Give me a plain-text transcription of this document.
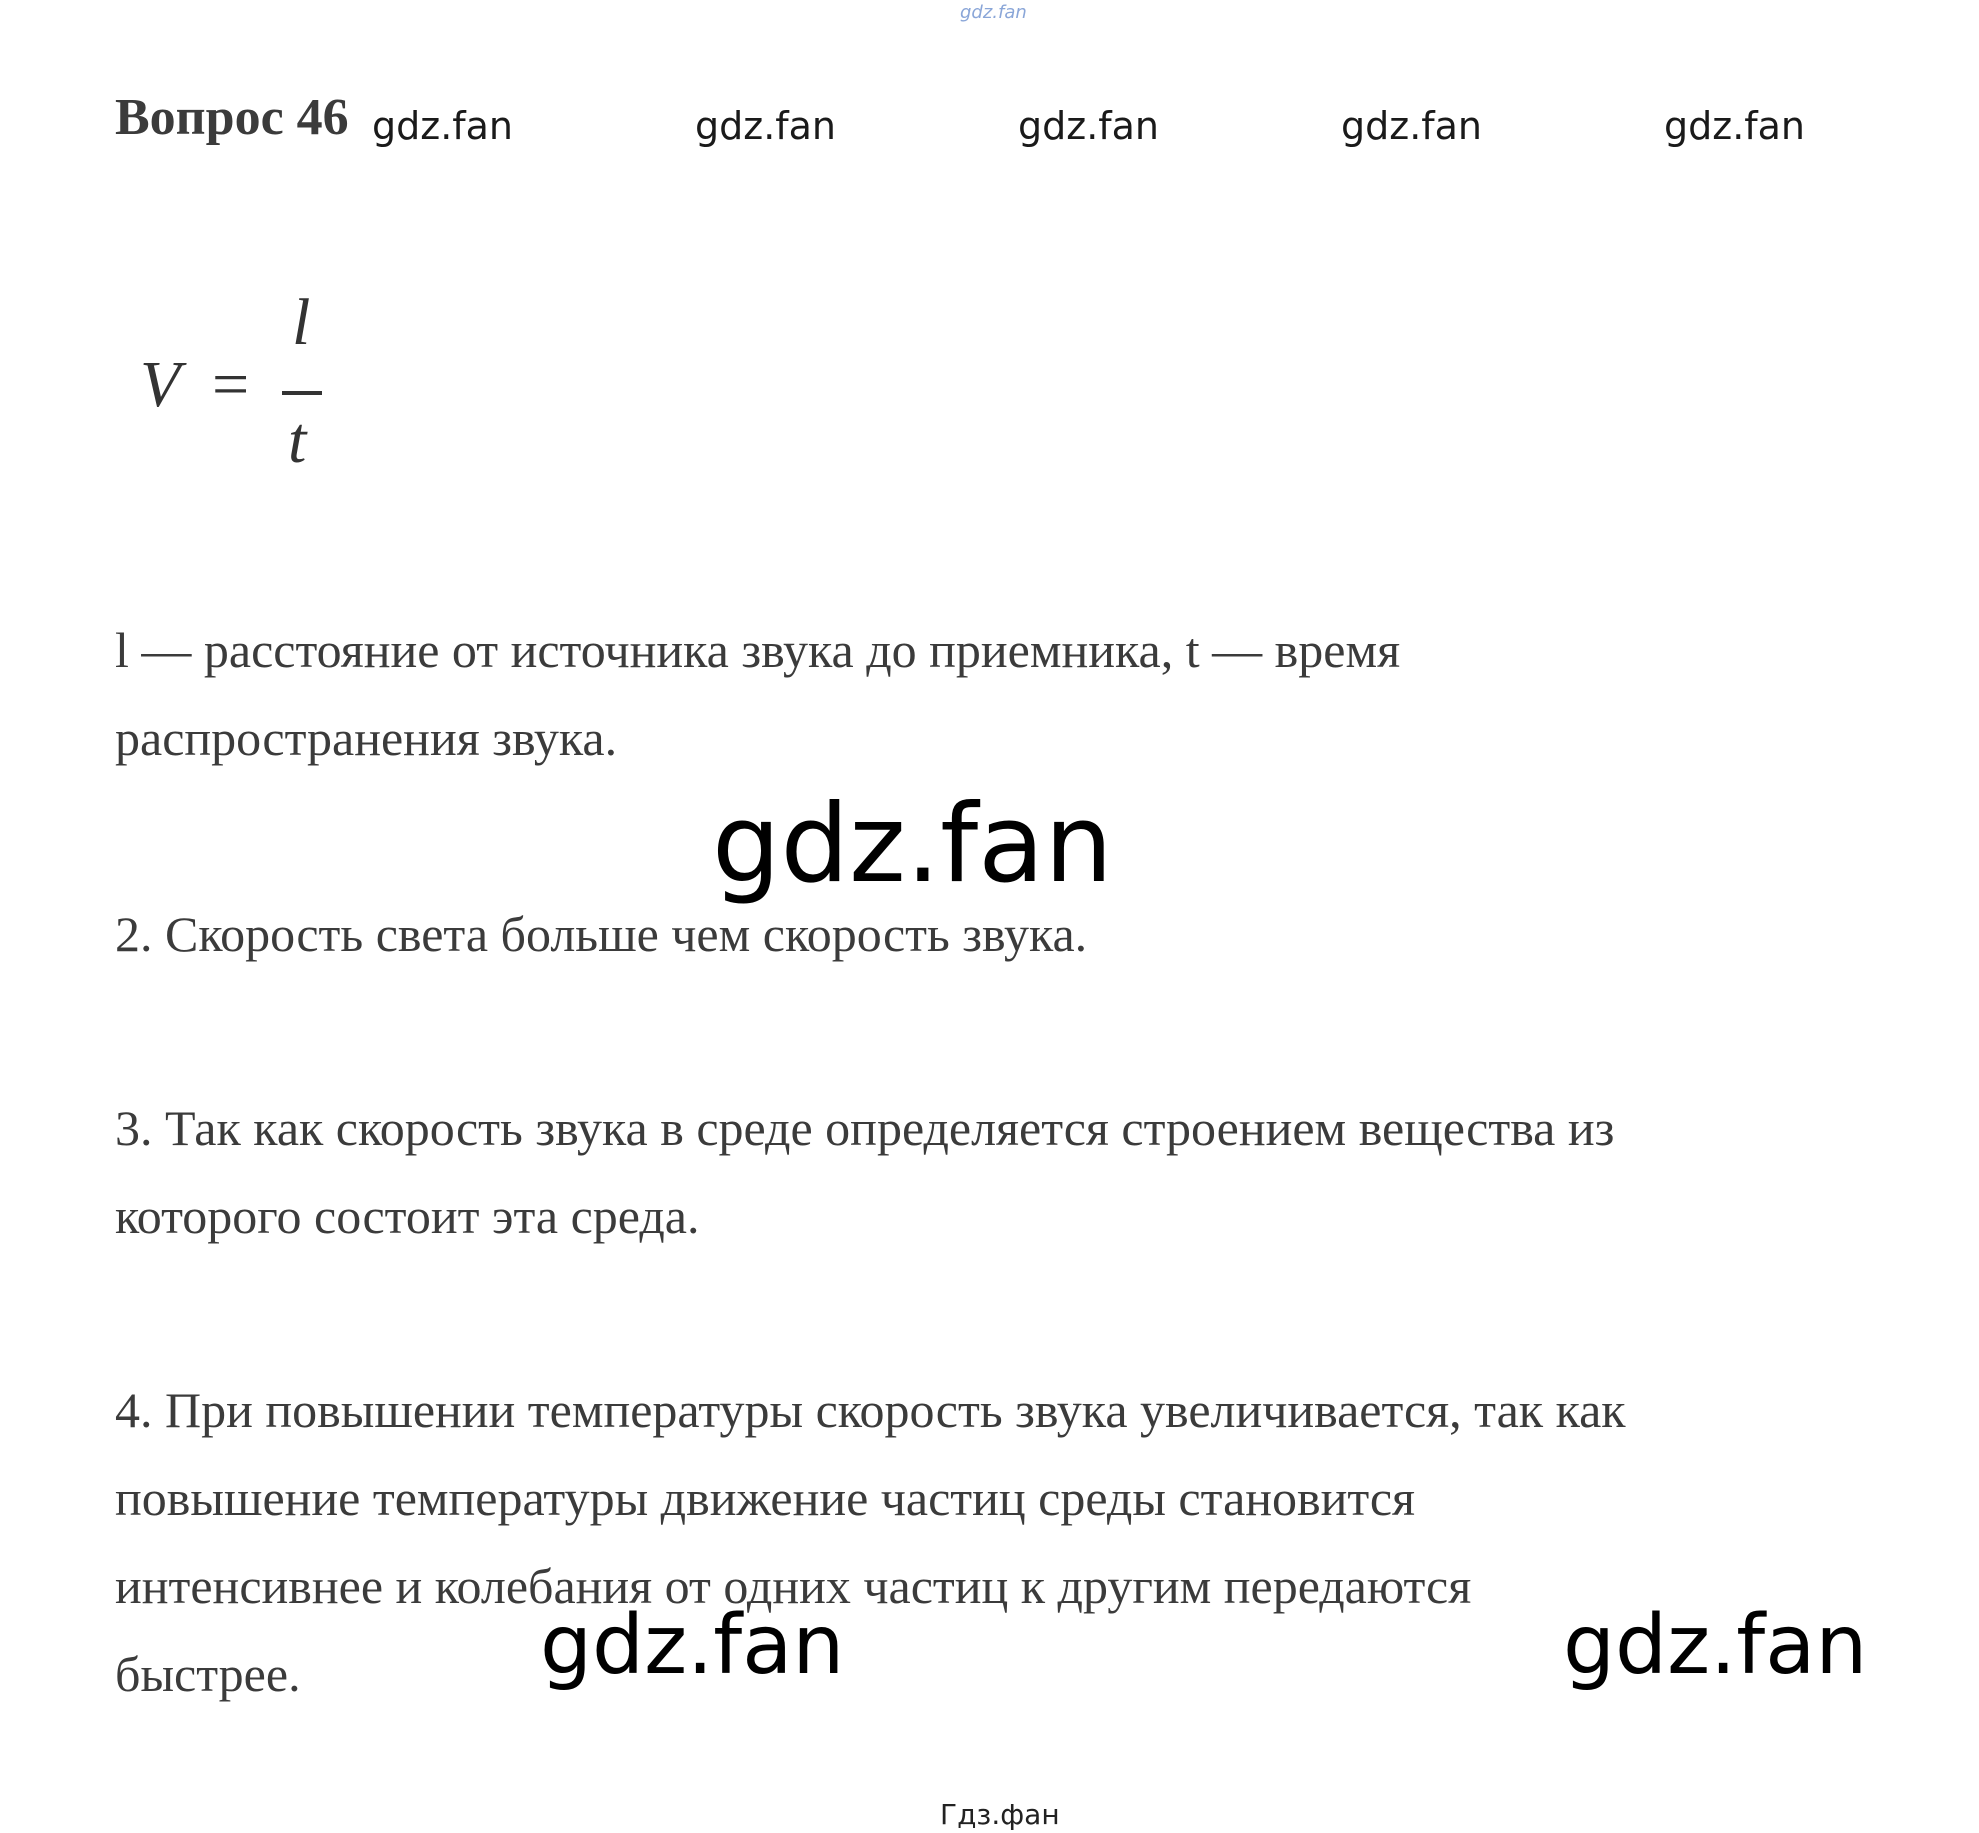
gdz.fan
Вопрос 46 gdz.fan	gdz.fan	gdz.fan	gdz.fan	gdz.fan
V =
l
t
l — расстояние от источника звука до приемника, t — время
распространения звука.
gdz.fan
2. Скорость света больше чем скорость звука.
3. Так как скорость звука в среде определяется строением вещества из
которого состоит эта среда.
4. При повышении температуры скорость звука увеличивается, так как
повышение температуры движение частиц среды становится
интенсивнее и колебания от одних частиц к другим передаются
быстрее.	gdz.fan	gdz.fan
Гдз.фан
